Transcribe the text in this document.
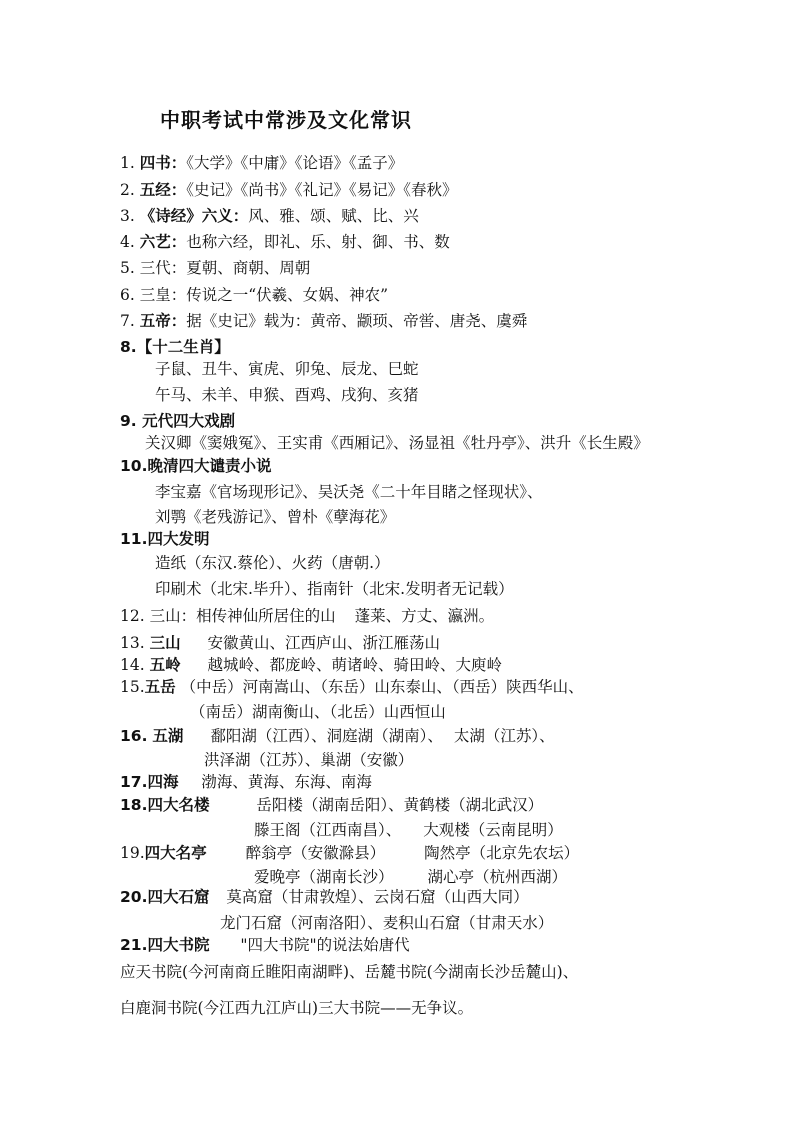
中职考试中常涉及文化常识
1. 四书：《大学》《中庸》《论语》《孟子》
2. 五经：《史记》《尚书》《礼记》《易记》《春秋》
3. 《诗经》六义：风、雅、颂、赋、比、兴
4. 六艺：也称六经，即礼、乐、射、御、书、数
5. 三代：夏朝、商朝、周朝
6. 三皇：传说之一“伏羲、女娲、神农”
7. 五帝：据《史记》载为：黄帝、颛顼、帝喾、唐尧、虞舜
8.【十二生肖】
子鼠、丑牛、寅虎、卯兔、辰龙、巳蛇
午马、未羊、申猴、酉鸡、戌狗、亥猪
9. 元代四大戏剧
关汉卿《窦娥冤》、王实甫《西厢记》、汤显祖《牡丹亭》、洪升《长生殿》
10.晚清四大谴责小说
李宝嘉《官场现形记》、吴沃尧《二十年目睹之怪现状》、
刘鹗《老残游记》、曾朴《孽海花》
11.四大发明
造纸（东汉.蔡伦）、火药（唐朝.）
印刷术（北宋.毕升）、指南针（北宋.发明者无记载）
12. 三山：相传神仙所居住的山 蓬莱、方丈、瀛洲。
13. 三山 安徽黄山、江西庐山、浙江雁荡山
14. 五岭 越城岭、都庞岭、萌诸岭、骑田岭、大庾岭
15.五岳 （中岳）河南嵩山、（东岳）山东泰山、（西岳）陕西华山、
（南岳）湖南衡山、（北岳）山西恒山
16. 五湖 鄱阳湖（江西）、洞庭湖（湖南）、 太湖（江苏）、
洪泽湖（江苏）、巢湖（安徽）
17.四海 渤海、黄海、东海、南海
18.四大名楼	岳阳楼（湖南岳阳）、黄鹤楼（湖北武汉）
滕王阁（江西南昌）、 大观楼（云南昆明）
19.四大名亭	醉翁亭（安徽滁县）	陶然亭（北京先农坛）
爱晚亭（湖南长沙） 湖心亭（杭州西湖）
20.四大石窟 莫高窟（甘肃敦煌）、云岗石窟（山西大同）
龙门石窟（河南洛阳）、麦积山石窟（甘肃天水）
21.四大书院 "四大书院"的说法始唐代
应天书院(今河南商丘睢阳南湖畔)、岳麓书院(今湖南长沙岳麓山)、
白鹿洞书院(今江西九江庐山)三大书院——无争议。
